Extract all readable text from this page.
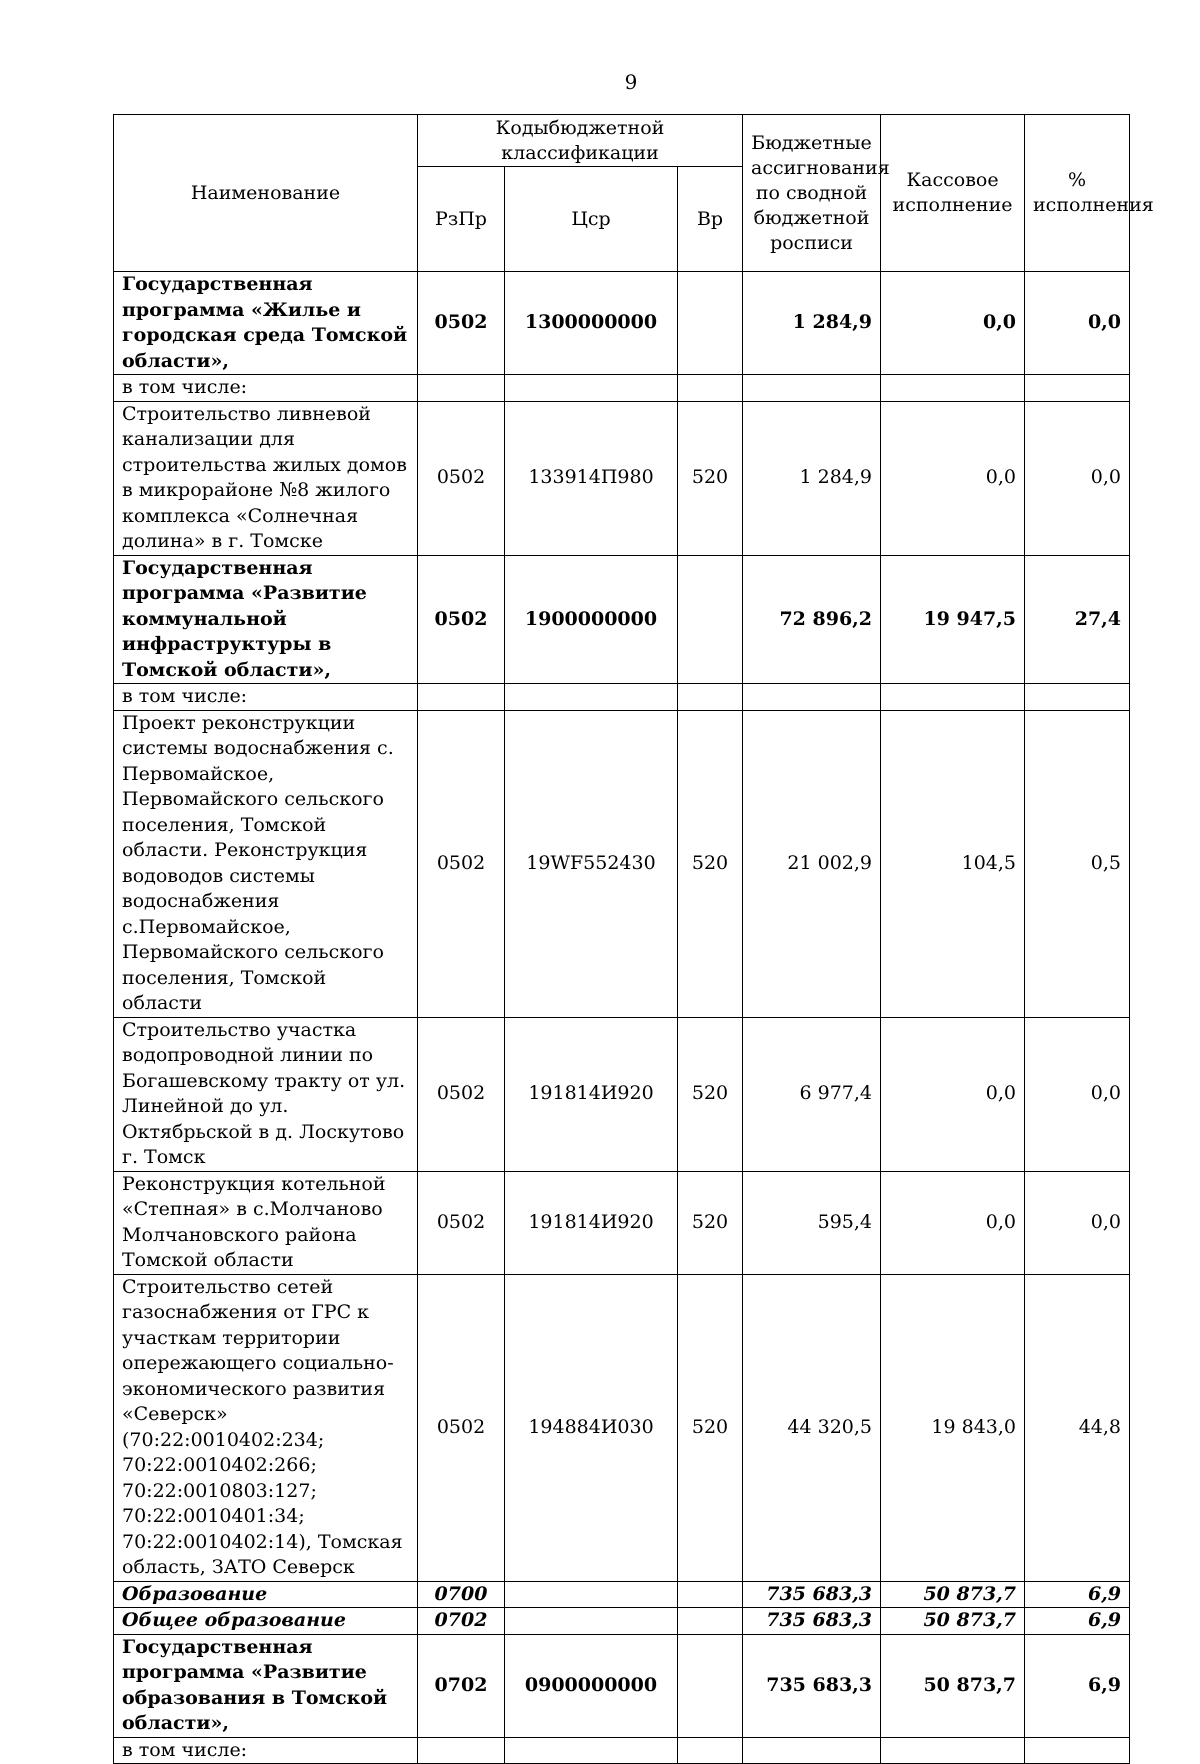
9
Наименование	Кодыбюджетной классификации			Бюджетные ассигнования по сводной бюджетной росписи	Кассовое исполнение	% исполнения
	РзПр	Цср	Вр			
Государственная программа «Жилье и городская среда Томской области»,	0502	1300000000		1 284,9	0,0	0,0
в том числе:						
Строительство ливневой канализации для строительства жилых домов в микрорайоне №8 жилого комплекса «Солнечная долина» в г. Томске	0502	133914П980	520	1 284,9	0,0	0,0
Государственная программа «Развитие коммунальной инфраструктуры в Томской области»,	0502	1900000000		72 896,2	19 947,5	27,4
в том числе:						
Проект реконструкции системы водоснабжения с. Первомайское, Первомайского сельского поселения, Томской области. Реконструкция водоводов системы водоснабжения с.Первомайское, Первомайского сельского поселения, Томской области	0502	19WF552430	520	21 002,9	104,5	0,5
Строительство участка водопроводной линии по Богашевскому тракту от ул. Линейной до ул. Октябрьской в д. Лоскутово г. Томск	0502	191814И920	520	6 977,4	0,0	0,0
Реконструкция котельной «Степная» в с.Молчаново Молчановского района Томской области	0502	191814И920	520	595,4	0,0	0,0
Строительство сетей газоснабжения от ГРС к участкам территории опережающего социально-экономического развития «Северск» (70:22:0010402:234; 70:22:0010402:266; 70:22:0010803:127; 70:22:0010401:34; 70:22:0010402:14), Томская область, ЗАТО Северск	0502	194884И030	520	44 320,5	19 843,0	44,8
Образование	0700			735 683,3	50 873,7	6,9
Общее образование	0702			735 683,3	50 873,7	6,9
Государственная программа «Развитие образования в Томской области»,	0702	0900000000		735 683,3	50 873,7	6,9
в том числе:						
